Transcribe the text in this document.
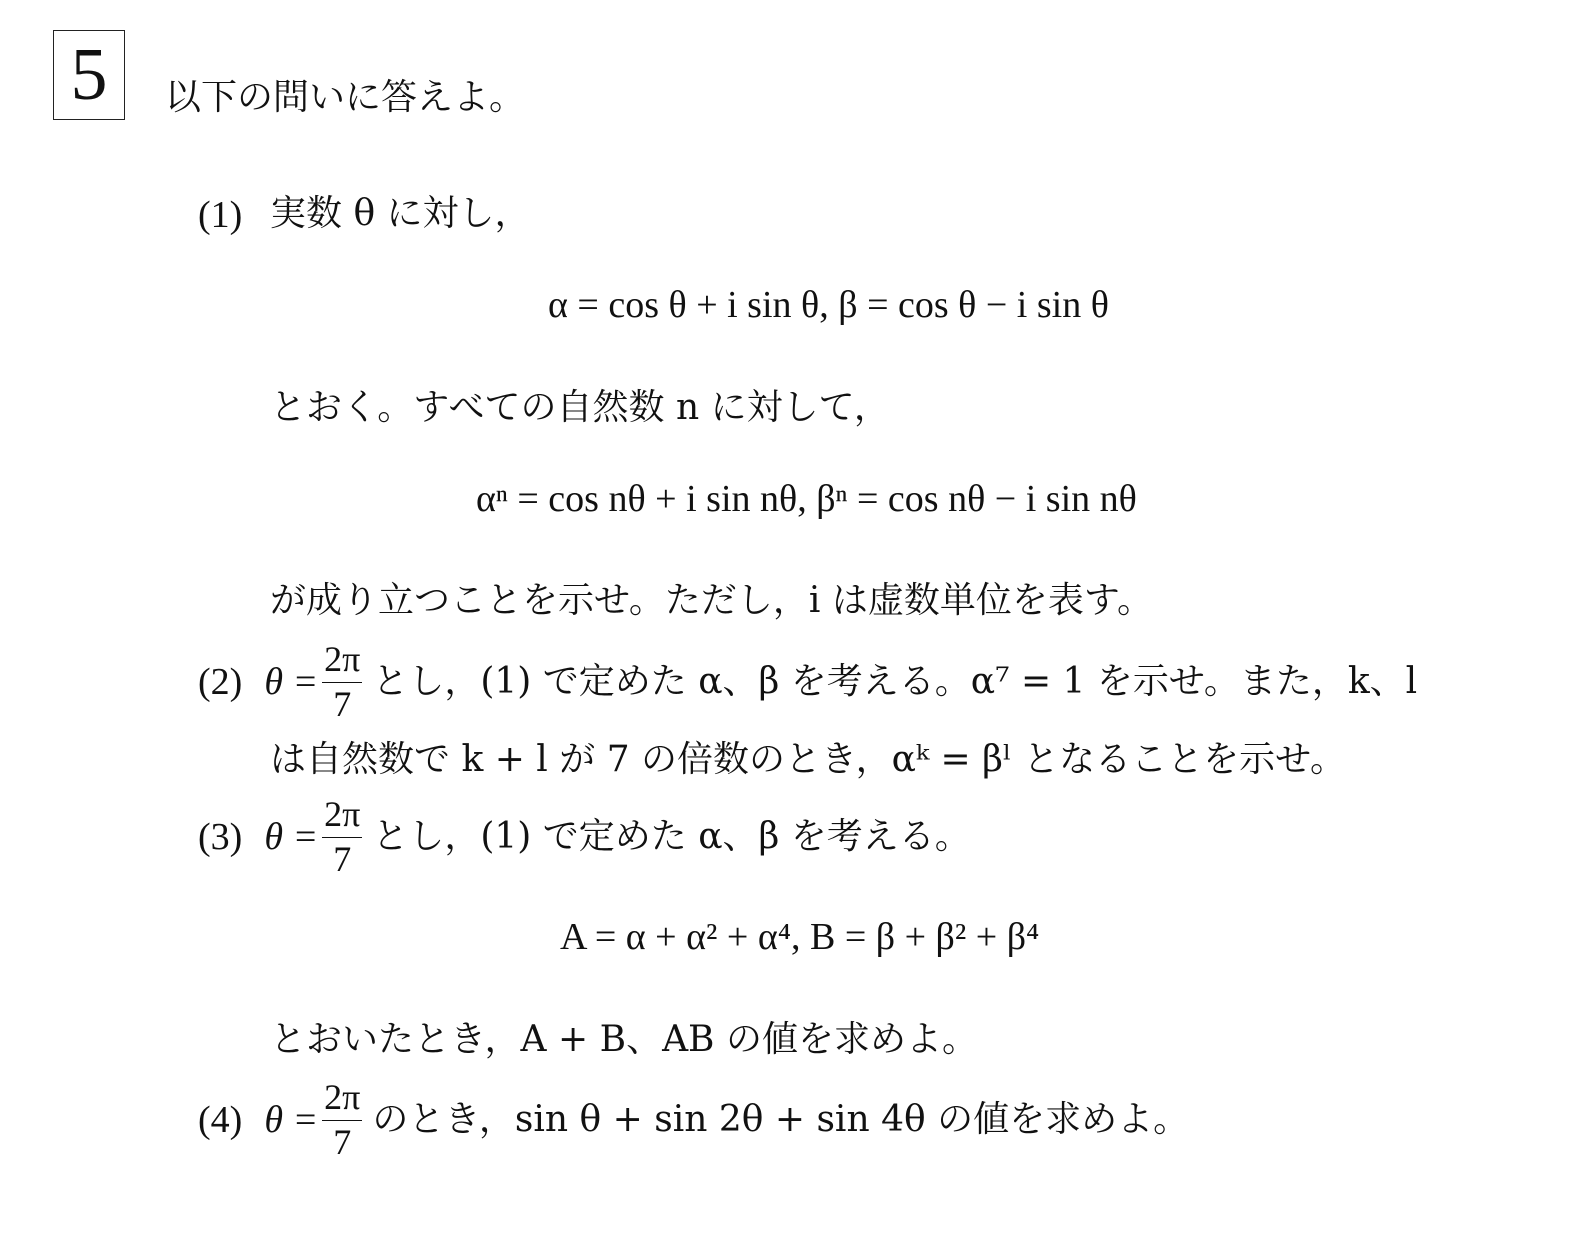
5 以下の問いに答えよ。
(1) 実数 θ に対し，
α = cos θ + i sin θ, β = cos θ − i sin θ
とおく。すべての自然数 n に対して，
αⁿ = cos nθ + i sin nθ, βⁿ = cos nθ − i sin nθ
が成り立つことを示せ。ただし，i は虚数単位を表す。
(2) $\theta = \frac{2\pi}{7}$ とし，(1) で定めた α、β を考える。α⁷ = 1 を示せ。また，k、l
は自然数で k + l が 7 の倍数のとき，αᵏ = βˡ となることを示せ。
(3) $\theta = \frac{2\pi}{7}$ とし，(1) で定めた α、β を考える。
A = α + α² + α⁴, B = β + β² + β⁴
とおいたとき，A + B、AB の値を求めよ。
(4) $\theta = \frac{2\pi}{7}$ のとき，sin θ + sin 2θ + sin 4θ の値を求めよ。
